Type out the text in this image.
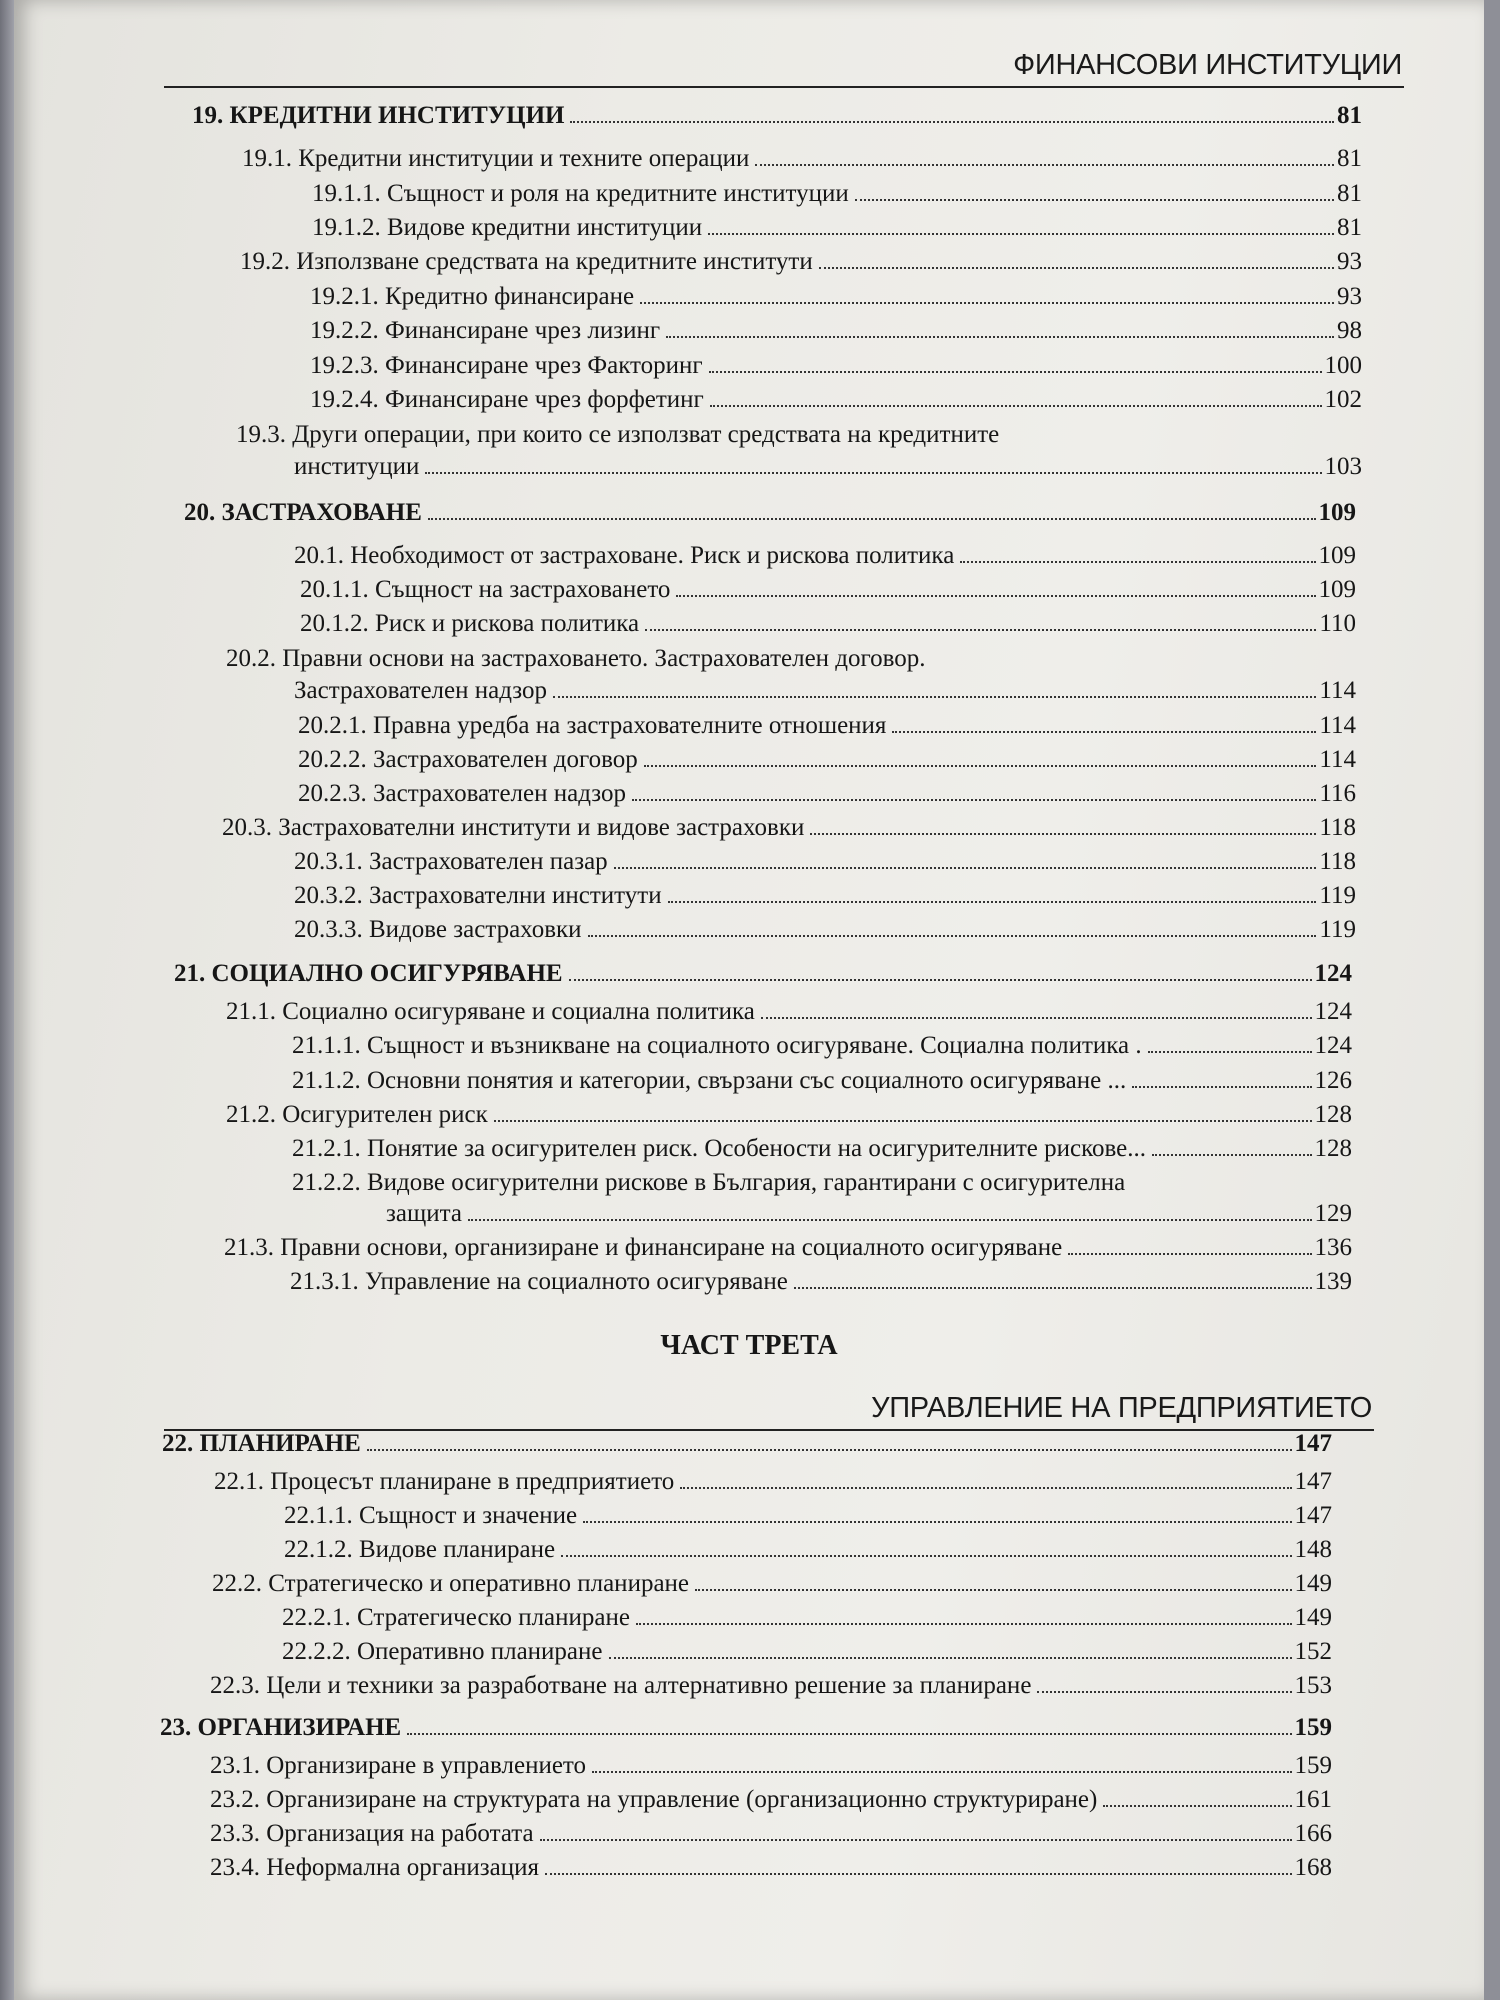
ФИНАНСОВИ ИНСТИТУЦИИ
ЧАСТ ТРЕТА
УПРАВЛЕНИЕ НА ПРЕДПРИЯТИЕТО
19. КРЕДИТНИ ИНСТИТУЦИИ	81
19.1. Кредитни институции и техните операции	81
19.1.1. Същност и роля на кредитните институции	81
19.1.2. Видове кредитни институции	81
19.2. Използване средствата на кредитните институти	93
19.2.1. Кредитно финансиране	93
19.2.2. Финансиране чрез лизинг	98
19.2.3. Финансиране чрез Факторинг	100
19.2.4. Финансиране чрез форфетинг	102
19.3. Други операции, при които се използват средствата на кредитните
институции	103
20. ЗАСТРАХОВАНЕ	109
20.1. Необходимост от застраховане. Риск и рискова политика	109
20.1.1. Същност на застраховането	109
20.1.2. Риск и рискова политика	110
20.2. Правни основи на застраховането. Застрахователен договор.
Застрахователен надзор	114
20.2.1. Правна уредба на застрахователните отношения	114
20.2.2. Застрахователен договор	114
20.2.3. Застрахователен надзор	116
20.3. Застрахователни институти и видове застраховки	118
20.3.1. Застрахователен пазар	118
20.3.2. Застрахователни институти	119
20.3.3. Видове застраховки	119
21. СОЦИАЛНО ОСИГУРЯВАНЕ	124
21.1. Социално осигуряване и социална политика	124
21.1.1. Същност и възникване на социалното осигуряване. Социална политика .	124
21.1.2. Основни понятия и категории, свързани със социалното осигуряване ...	126
21.2. Осигурителен риск	128
21.2.1. Понятие за осигурителен риск. Особености на осигурителните рискове...	128
21.2.2. Видове осигурителни рискове в България, гарантирани с осигурителна
защита	129
21.3. Правни основи, организиране и финансиране на социалното осигуряване	136
21.3.1. Управление на социалното осигуряване	139
22. ПЛАНИРАНЕ	147
22.1. Процесът планиране в предприятието	147
22.1.1. Същност и значение	147
22.1.2. Видове планиране	148
22.2. Стратегическо и оперативно планиране	149
22.2.1. Стратегическо планиране	149
22.2.2. Оперативно планиране	152
22.3. Цели и техники за разработване на алтернативно решение за планиране	153
23. ОРГАНИЗИРАНЕ	159
23.1. Организиране в управлението	159
23.2. Организиране на структурата на управление (организационно структуриране)	161
23.3. Организация на работата	166
23.4. Неформална организация	168
